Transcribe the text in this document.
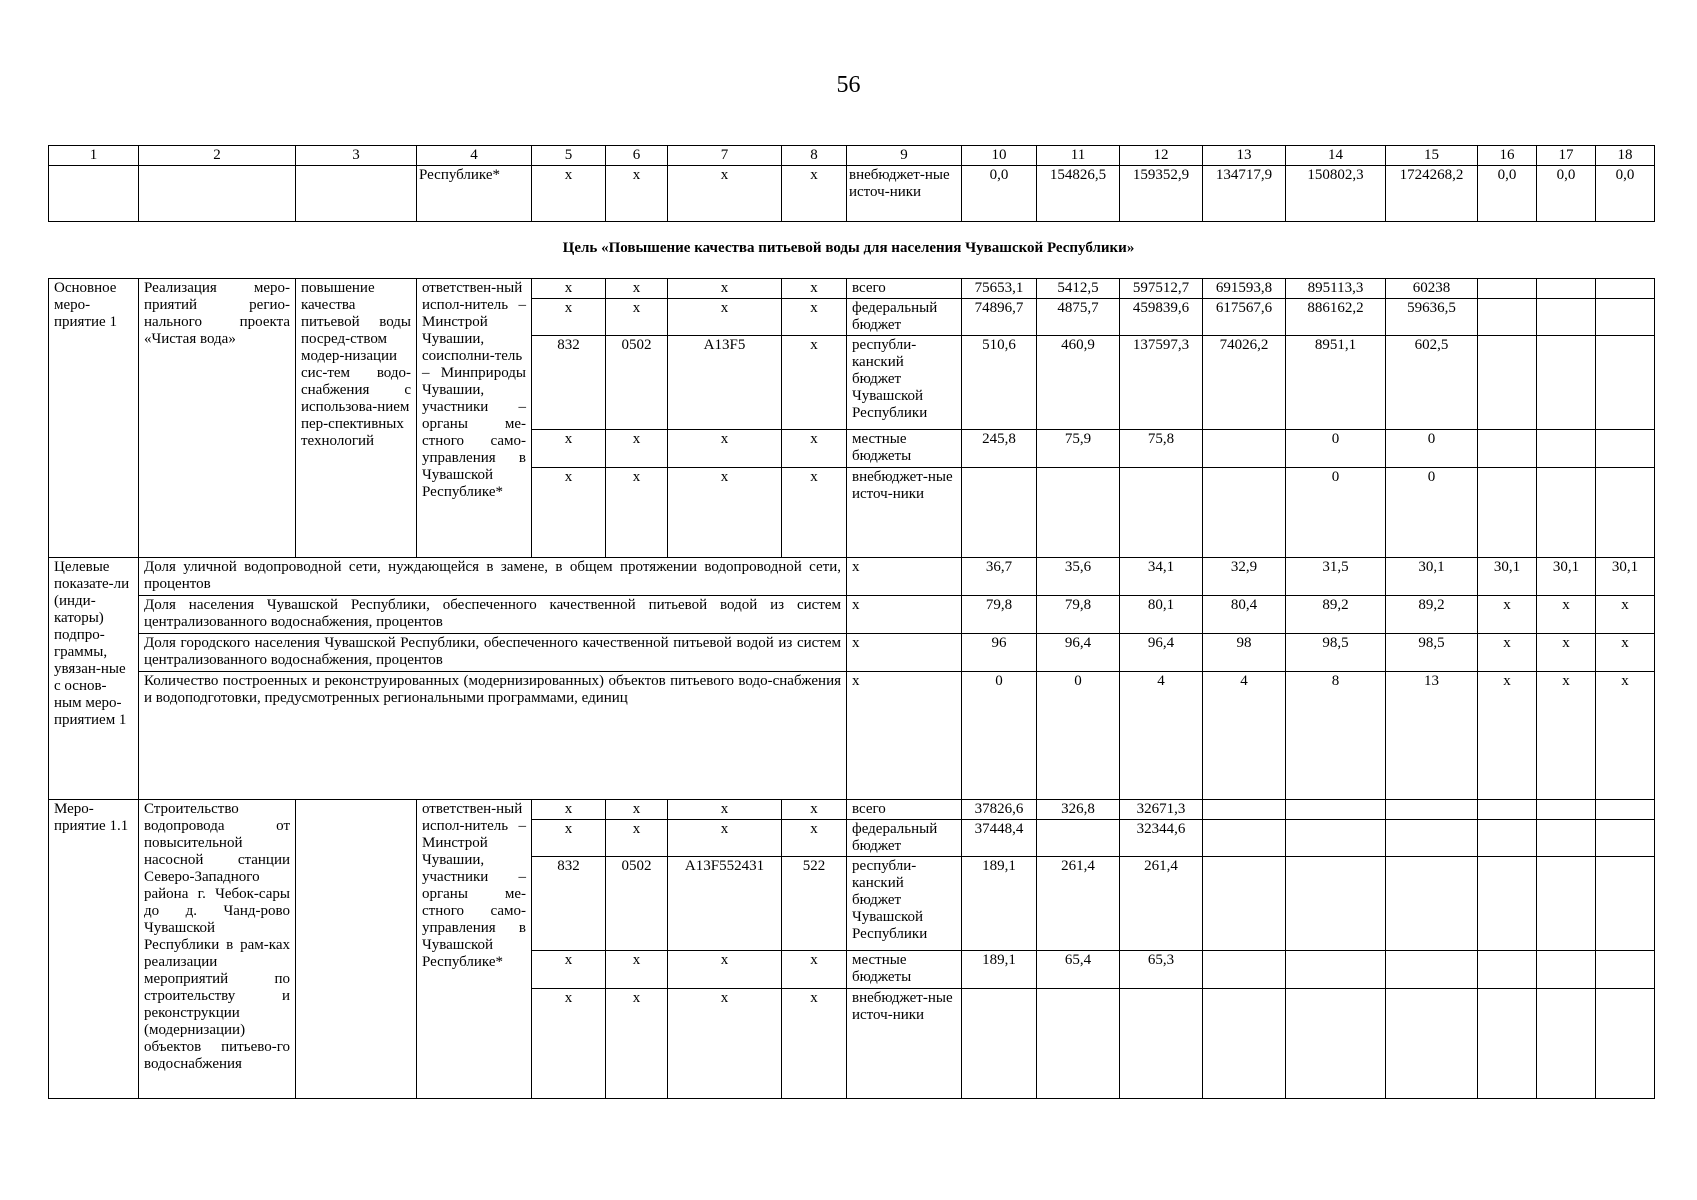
56
1	2	3	4	5	6	7	8	9	10	11	12	13	14	15	16	17	18
			Республике*	х	х	х	х	внебюджет-ные источ-ники	0,0	154826,5	159352,9	134717,9	150802,3	1724268,2	0,0	0,0	0,0
Цель «Повышение качества питьевой воды для населения Чувашской Республики»
Основное меро-приятие 1	Реализация меро-приятий регио-нального проекта «Чистая вода»	повышение качества питьевой воды посред-ством модер-низации сис-тем водо-снабжения с использова-нием пер-спективных технологий	ответствен-ный испол-нитель – Минстрой Чувашии, соисполни-тель – Минприроды Чувашии, участники – органы ме-стного само-управления в Чувашской Республике*	х	х	х	х	всего	75653,1	5412,5	597512,7	691593,8	895113,3	60238			
				х	х	х	х	федеральный бюджет	74896,7	4875,7	459839,6	617567,6	886162,2	59636,5			
				832	0502	A13F5	х	республи-канский бюджет Чувашской Республики	510,6	460,9	137597,3	74026,2	8951,1	602,5			
				х	х	х	х	местные бюджеты	245,8	75,9	75,8		0	0			
				х	х	х	х	внебюджет-ные источ-ники					0	0			
Целевые показате-ли (инди-каторы) подпро-граммы, увязан-ные с основ-ным меро-приятием 1	Доля уличной водопроводной сети, нуждающейся в замене, в общем протяжении водопроводной сети, процентов							х	36,7	35,6	34,1	32,9	31,5	30,1	30,1	30,1	30,1
	Доля населения Чувашской Республики, обеспеченного качественной питьевой водой из систем централизованного водоснабжения, процентов							х	79,8	79,8	80,1	80,4	89,2	89,2	х	х	х
	Доля городского населения Чувашской Республики, обеспеченного качественной питьевой водой из систем централизованного водоснабжения, процентов							х	96	96,4	96,4	98	98,5	98,5	х	х	х
	Количество построенных и реконструированных (модернизированных) объектов питьевого водо-снабжения и водоподготовки, предусмотренных региональными программами, единиц							х	0	0	4	4	8	13	х	х	х
Меро-приятие 1.1	Строительство водопровода от повысительной насосной станции Северо-Западного района г. Чебок-сары до д. Чанд-рово Чувашской Республики в рам-ках реализации мероприятий по строительству и реконструкции (модернизации) объектов питьево-го водоснабжения		ответствен-ный испол-нитель – Минстрой Чувашии, участники – органы ме-стного само-управления в Чувашской Республике*	х	х	х	х	всего	37826,6	326,8	32671,3						
				х	х	х	х	федеральный бюджет	37448,4		32344,6						
				832	0502	A13F552431	522	республи-канский бюджет Чувашской Республики	189,1	261,4	261,4						
				х	х	х	х	местные бюджеты	189,1	65,4	65,3						
				х	х	х	х	внебюджет-ные источ-ники									
